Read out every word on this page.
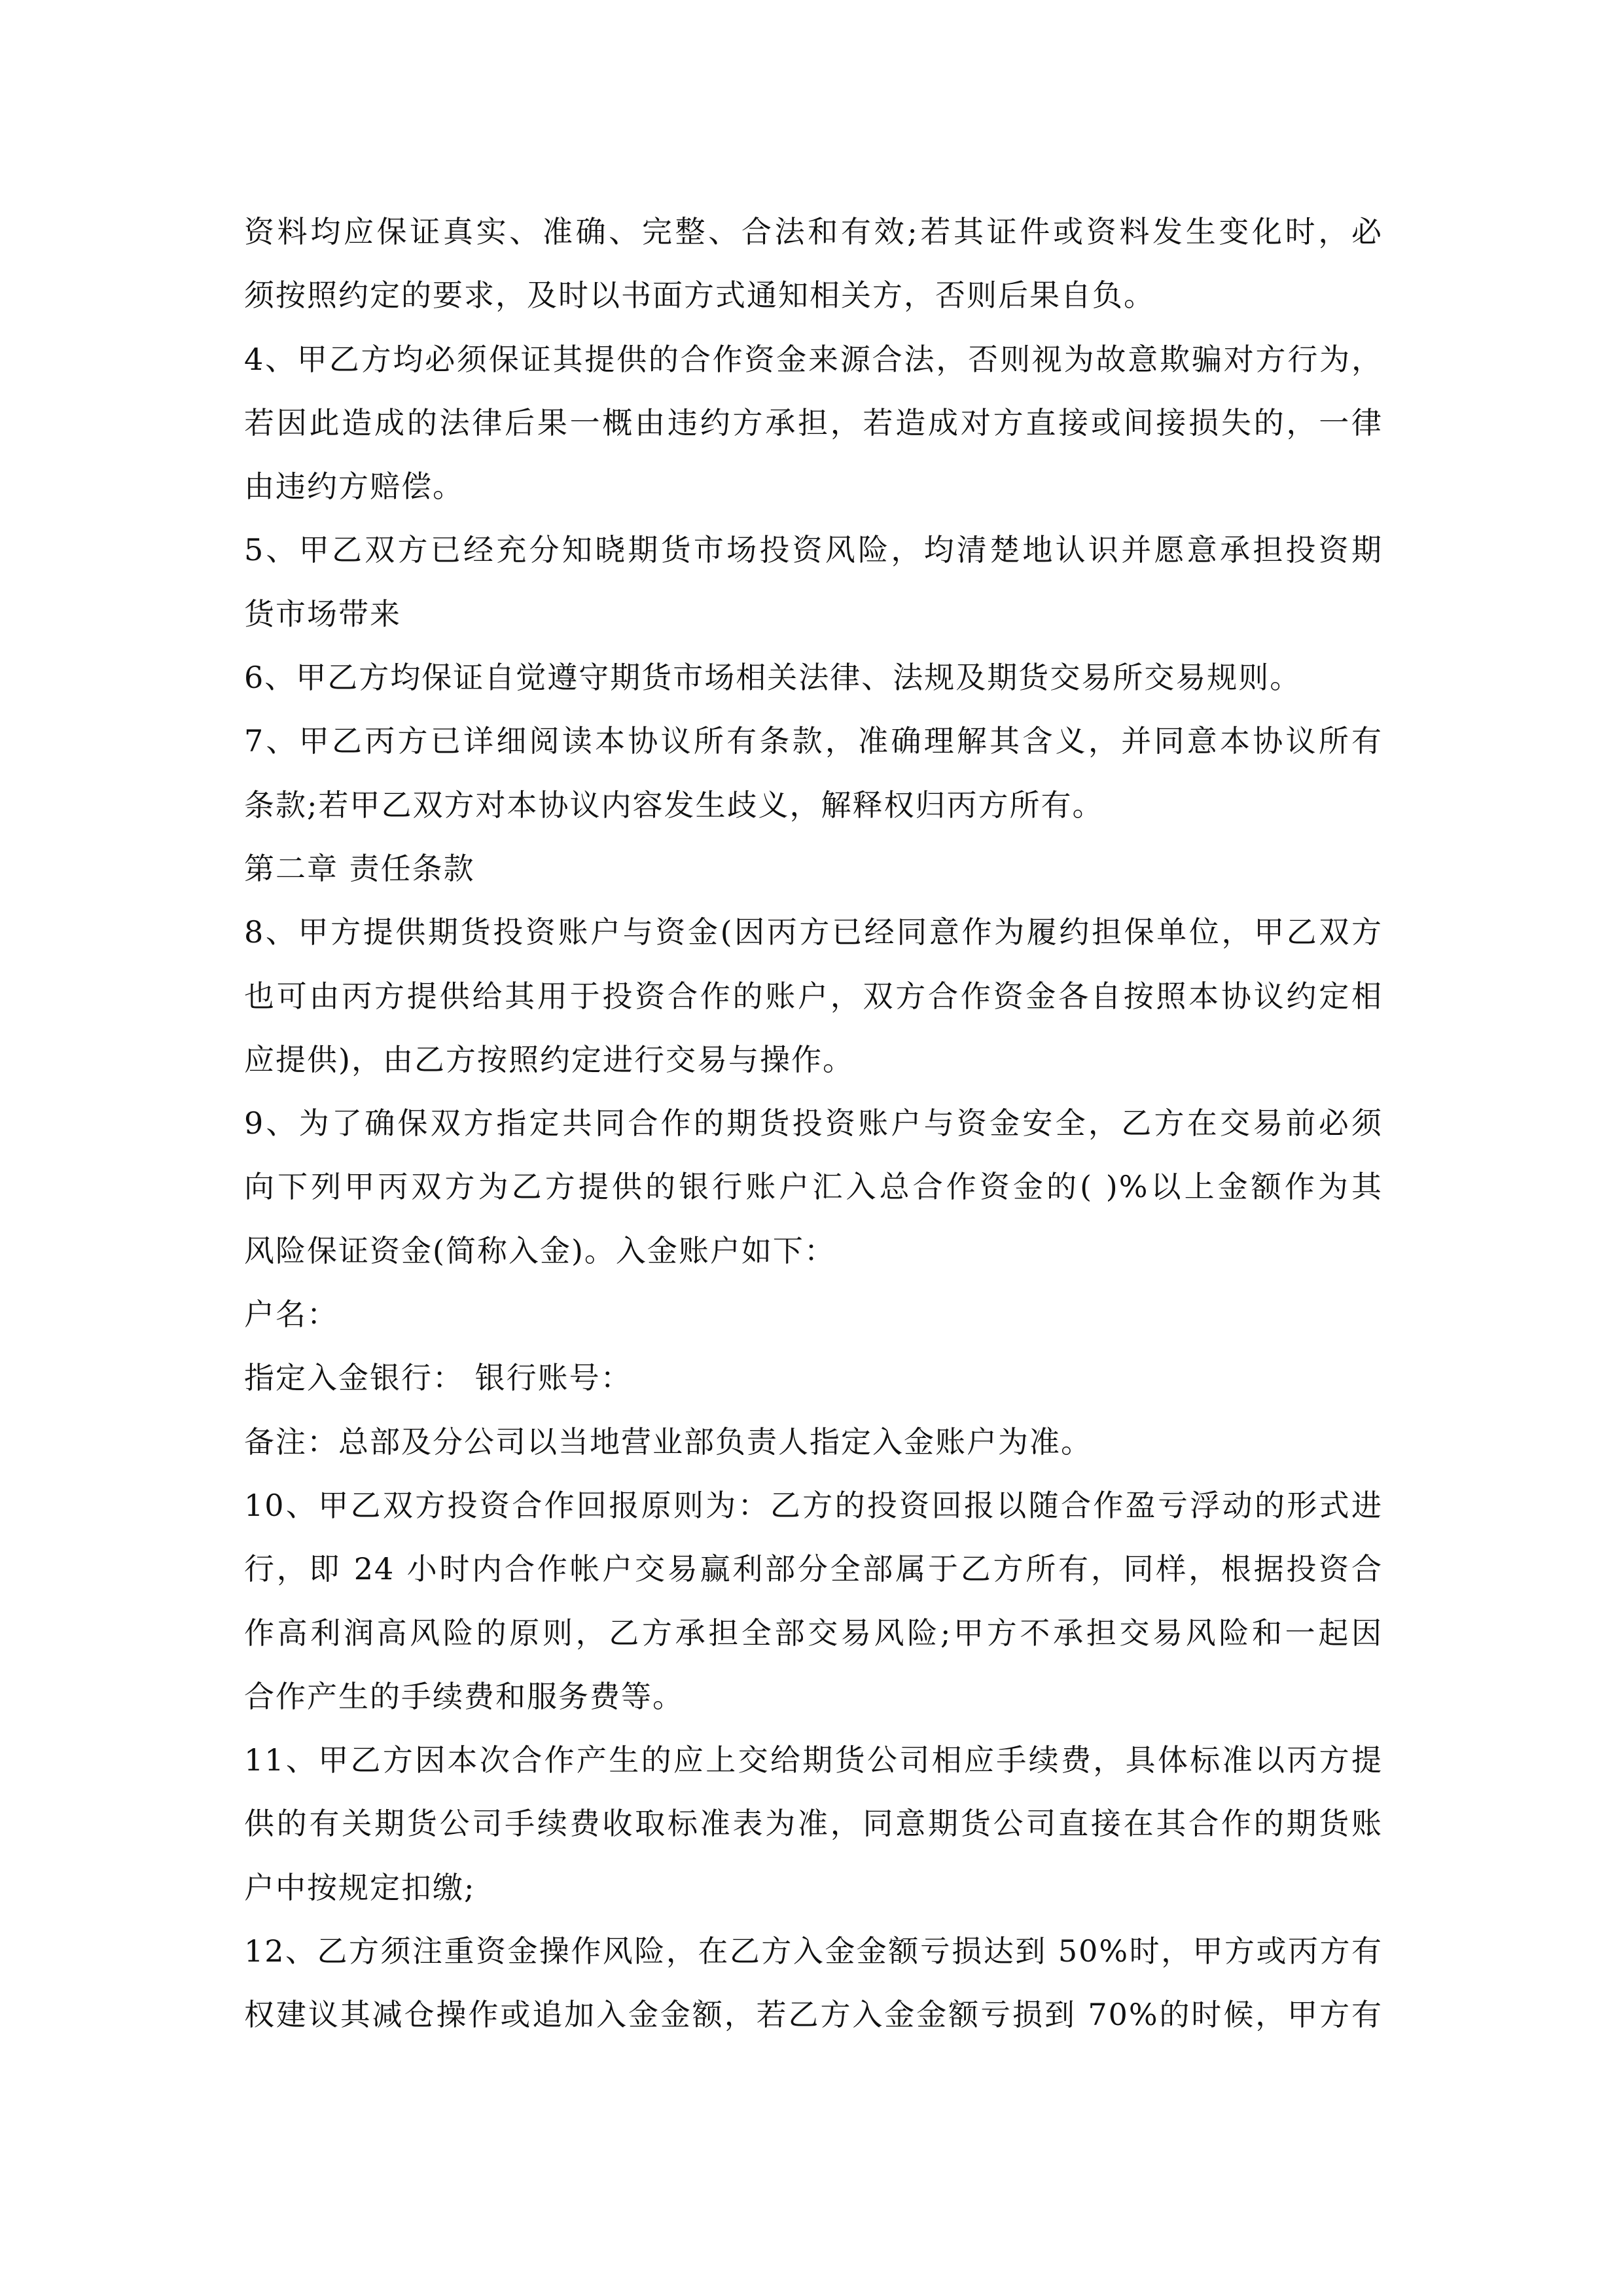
资料均应保证真实、准确、完整、合法和有效;若其证件或资料发生变化时，必
须按照约定的要求，及时以书面方式通知相关方，否则后果自负。
4、甲乙方均必须保证其提供的合作资金来源合法，否则视为故意欺骗对方行为，
若因此造成的法律后果一概由违约方承担，若造成对方直接或间接损失的，一律
由违约方赔偿。
5、甲乙双方已经充分知晓期货市场投资风险，均清楚地认识并愿意承担投资期
货市场带来
6、甲乙方均保证自觉遵守期货市场相关法律、法规及期货交易所交易规则。
7、甲乙丙方已详细阅读本协议所有条款，准确理解其含义，并同意本协议所有
条款;若甲乙双方对本协议内容发生歧义，解释权归丙方所有。
第二章 责任条款
8、甲方提供期货投资账户与资金(因丙方已经同意作为履约担保单位，甲乙双方
也可由丙方提供给其用于投资合作的账户，双方合作资金各自按照本协议约定相
应提供)，由乙方按照约定进行交易与操作。
9、为了确保双方指定共同合作的期货投资账户与资金安全，乙方在交易前必须
向下列甲丙双方为乙方提供的银行账户汇入总合作资金的( )%以上金额作为其
风险保证资金(简称入金)。入金账户如下：
户名：
指定入金银行： 银行账号：
备注：总部及分公司以当地营业部负责人指定入金账户为准。
10、甲乙双方投资合作回报原则为：乙方的投资回报以随合作盈亏浮动的形式进
行，即 24 小时内合作帐户交易赢利部分全部属于乙方所有，同样，根据投资合
作高利润高风险的原则，乙方承担全部交易风险;甲方不承担交易风险和一起因
合作产生的手续费和服务费等。
11、甲乙方因本次合作产生的应上交给期货公司相应手续费，具体标准以丙方提
供的有关期货公司手续费收取标准表为准，同意期货公司直接在其合作的期货账
户中按规定扣缴;
12、乙方须注重资金操作风险，在乙方入金金额亏损达到 50%时，甲方或丙方有
权建议其减仓操作或追加入金金额，若乙方入金金额亏损到 70%的时候，甲方有
